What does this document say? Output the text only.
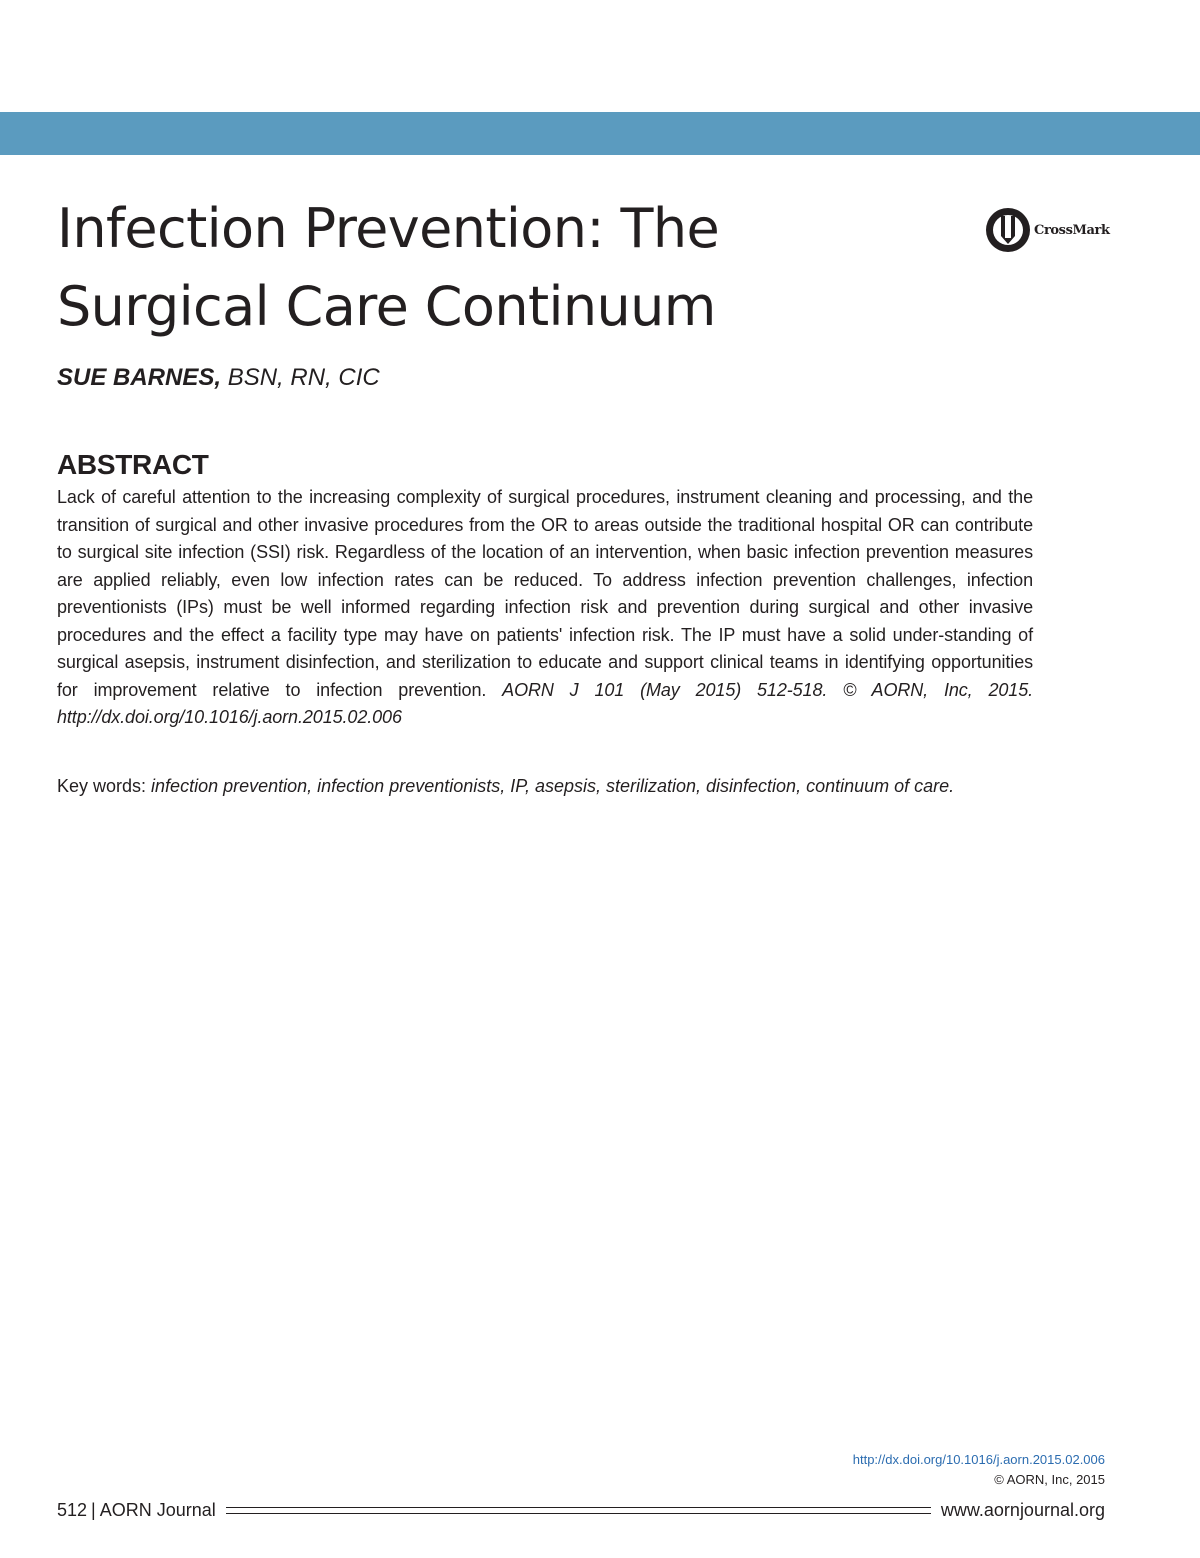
Infection Prevention: The
Surgical Care Continuum
CrossMark
SUE BARNES, BSN, RN, CIC
ABSTRACT

Lack of careful attention to the increasing complexity of surgical procedures, instrument cleaning and processing, and the transition of surgical and other invasive procedures from the OR to areas outside the traditional hospital OR can contribute to surgical site infection (SSI) risk. Regardless of the location of an intervention, when basic infection prevention measures are applied reliably, even low infection rates can be reduced. To address infection prevention challenges, infection preventionists (IPs) must be well informed regarding infection risk and prevention during surgical and other invasive procedures and the effect a facility type may have on patients' infection risk. The IP must have a solid under-standing of surgical asepsis, instrument disinfection, and sterilization to educate and support clinical teams in identifying opportunities for improvement relative to infection prevention. AORN J 101 (May 2015) 512-518. © AORN, Inc, 2015. http://dx.doi.org/10.1016/j.aorn.2015.02.006

Key words: infection prevention, infection preventionists, IP, asepsis, sterilization, disinfection, continuum of care.

http://dx.doi.org/10.1016/j.aorn.2015.02.006
© AORN, Inc, 2015
512 | AORN Journal	www.aornjournal.org
